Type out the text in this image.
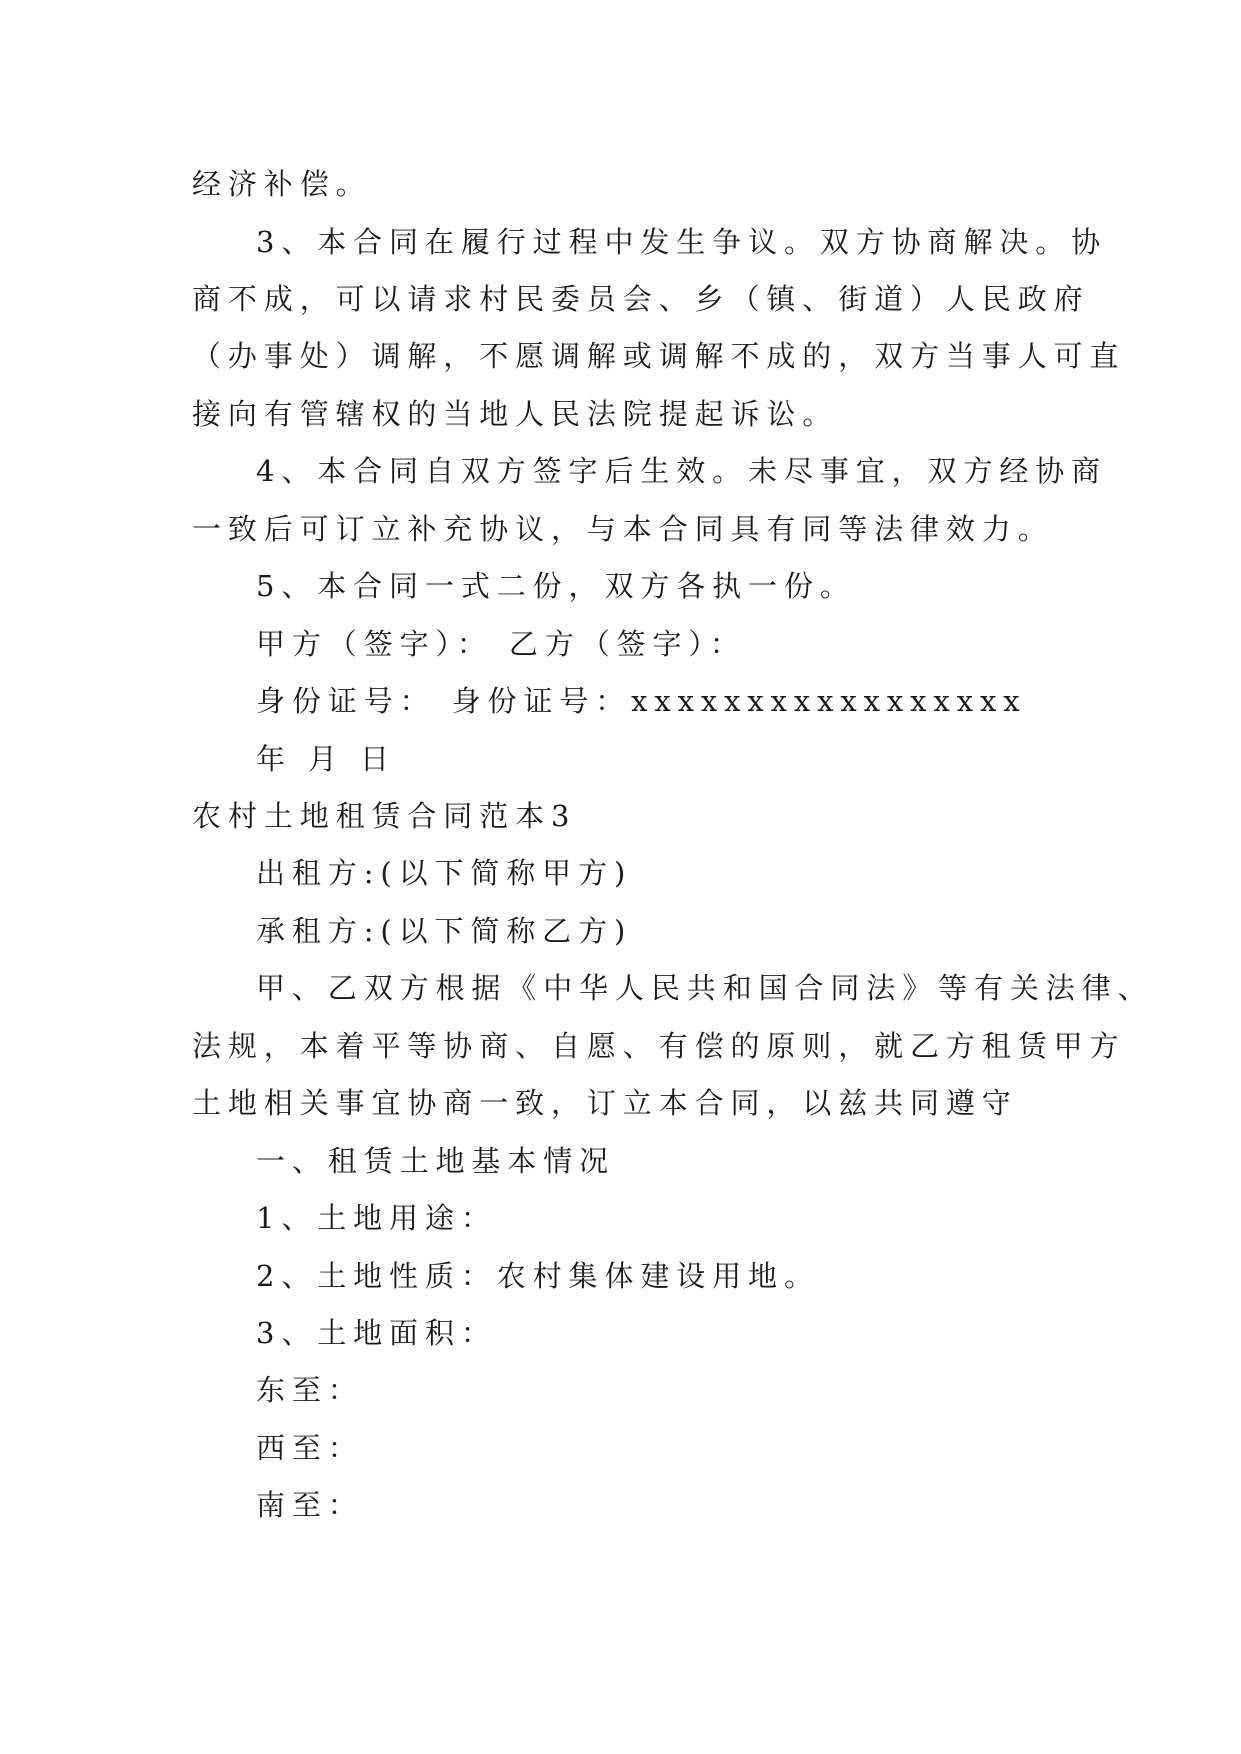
经济补偿。
3、本合同在履行过程中发生争议。双方协商解决。协
商不成，可以请求村民委员会、乡（镇、街道）人民政府
（办事处）调解，不愿调解或调解不成的，双方当事人可直
接向有管辖权的当地人民法院提起诉讼。
4、本合同自双方签字后生效。未尽事宜，双方经协商
一致后可订立补充协议，与本合同具有同等法律效力。
5、本合同一式二份，双方各执一份。
甲方（签字）： 乙方（签字）：
身份证号： 身份证号：xxxxxxxxxxxxxxxxx
年 月 日
农村土地租赁合同范本3
出租方:(以下简称甲方)
承租方:(以下简称乙方)
甲、乙双方根据《中华人民共和国合同法》等有关法律、
法规，本着平等协商、自愿、有偿的原则，就乙方租赁甲方
土地相关事宜协商一致，订立本合同，以兹共同遵守
一、租赁土地基本情况
1、土地用途：
2、土地性质：农村集体建设用地。
3、土地面积：
东至：
西至：
南至：
